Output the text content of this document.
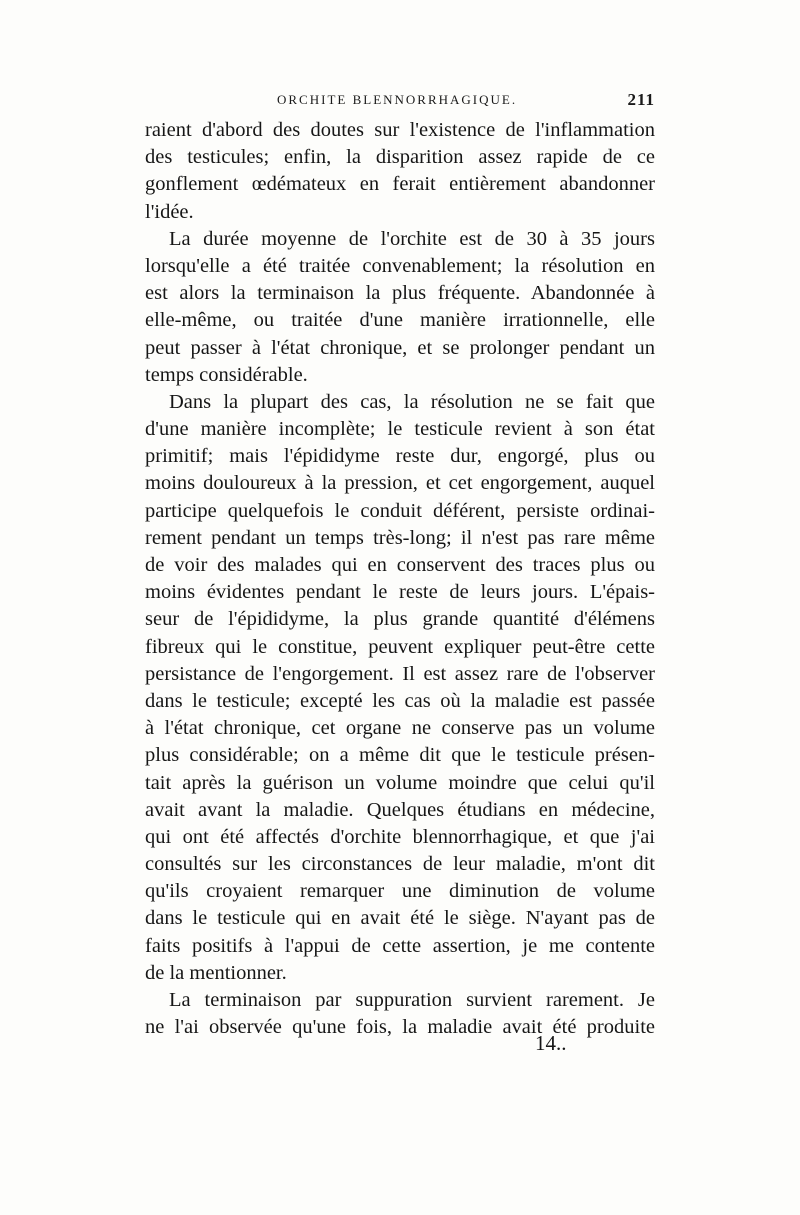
ORCHITE BLENNORRHAGIQUE.	211
raient d'abord des doutes sur l'existence de l'inflammation
des testicules; enfin, la disparition assez rapide de ce
gonflement œdémateux en ferait entièrement abandonner
l'idée.
La durée moyenne de l'orchite est de 30 à 35 jours
lorsqu'elle a été traitée convenablement; la résolution en
est alors la terminaison la plus fréquente. Abandonnée à
elle-même, ou traitée d'une manière irrationnelle, elle
peut passer à l'état chronique, et se prolonger pendant un
temps considérable.
Dans la plupart des cas, la résolution ne se fait que
d'une manière incomplète; le testicule revient à son état
primitif; mais l'épididyme reste dur, engorgé, plus ou
moins douloureux à la pression, et cet engorgement, auquel
participe quelquefois le conduit déférent, persiste ordinai-
rement pendant un temps très-long; il n'est pas rare même
de voir des malades qui en conservent des traces plus ou
moins évidentes pendant le reste de leurs jours. L'épais-
seur de l'épididyme, la plus grande quantité d'élémens
fibreux qui le constitue, peuvent expliquer peut-être cette
persistance de l'engorgement. Il est assez rare de l'observer
dans le testicule; excepté les cas où la maladie est passée
à l'état chronique, cet organe ne conserve pas un volume
plus considérable; on a même dit que le testicule présen-
tait après la guérison un volume moindre que celui qu'il
avait avant la maladie. Quelques étudians en médecine,
qui ont été affectés d'orchite blennorrhagique, et que j'ai
consultés sur les circonstances de leur maladie, m'ont dit
qu'ils croyaient remarquer une diminution de volume
dans le testicule qui en avait été le siège. N'ayant pas de
faits positifs à l'appui de cette assertion, je me contente
de la mentionner.
La terminaison par suppuration survient rarement. Je
ne l'ai observée qu'une fois, la maladie avait été produite
14..
